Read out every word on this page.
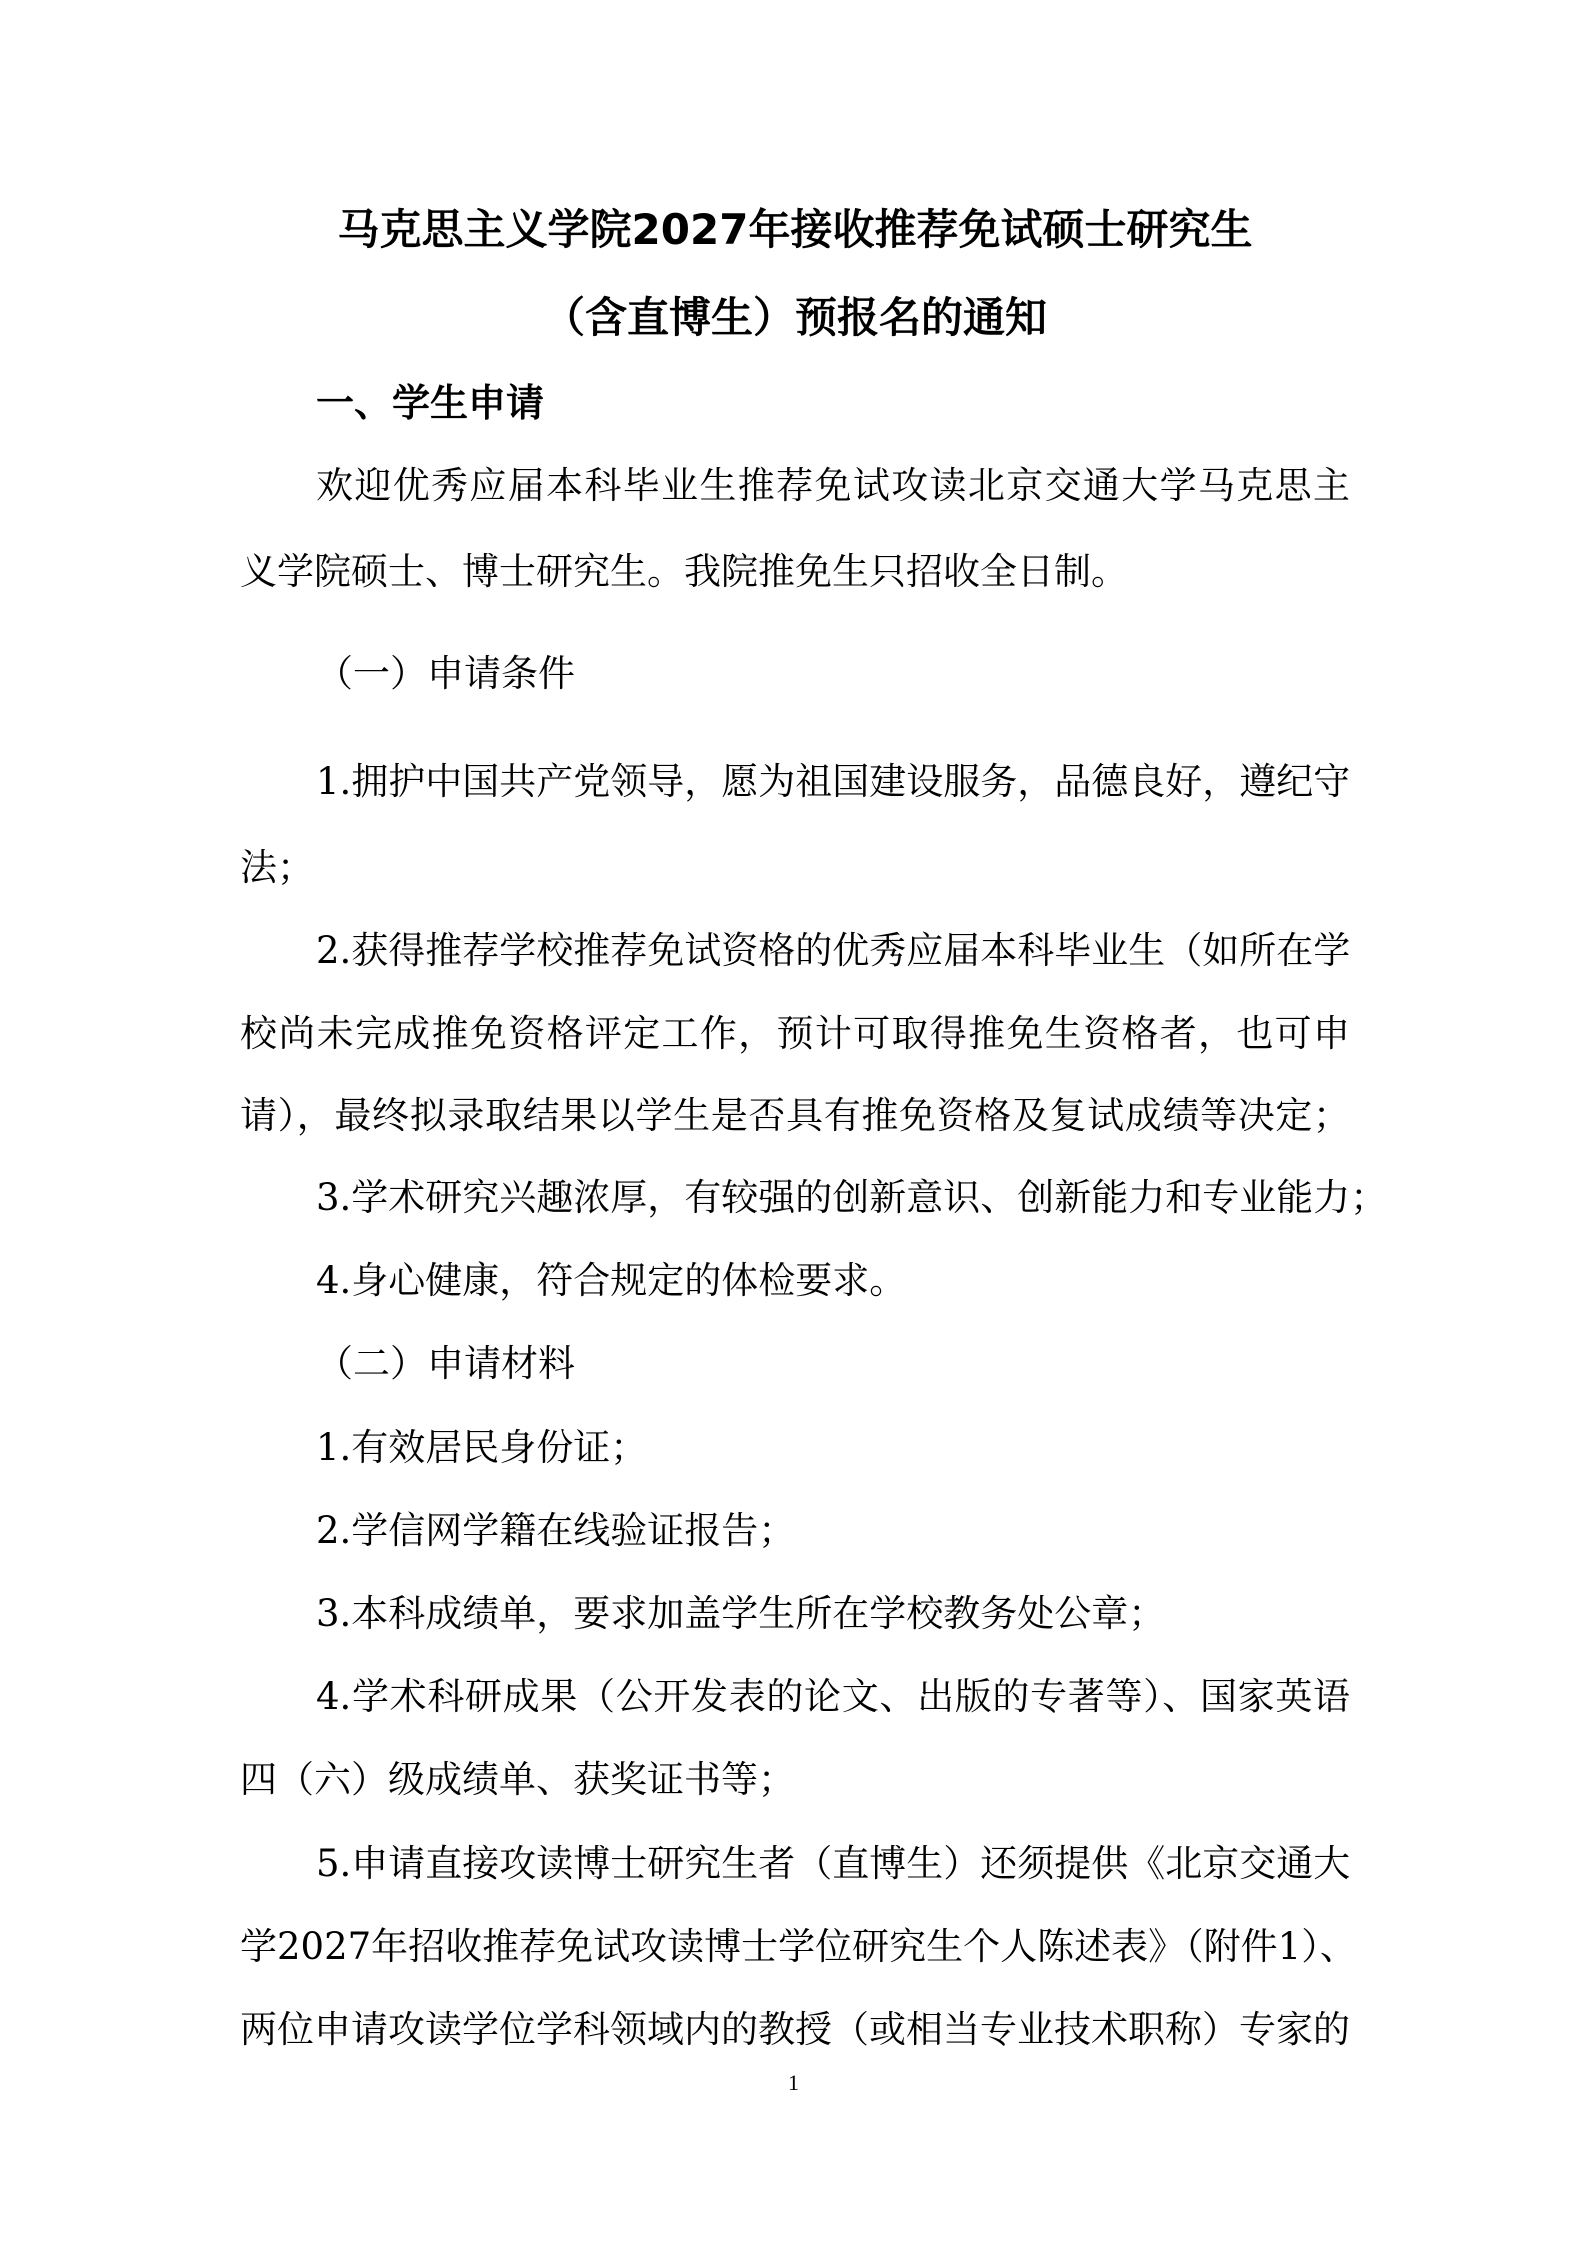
马克思主义学院2027年接收推荐免试硕士研究生
（含直博生）预报名的通知
一、学生申请
欢迎优秀应届本科毕业生推荐免试攻读北京交通大学马克思主
义学院硕士、博士研究生。我院推免生只招收全日制。
（一）申请条件
1.拥护中国共产党领导，愿为祖国建设服务，品德良好，遵纪守
法；
2.获得推荐学校推荐免试资格的优秀应届本科毕业生（如所在学
校尚未完成推免资格评定工作，预计可取得推免生资格者，也可申
请），最终拟录取结果以学生是否具有推免资格及复试成绩等决定；
3.学术研究兴趣浓厚，有较强的创新意识、创新能力和专业能力；
4.身心健康，符合规定的体检要求。
（二）申请材料
1.有效居民身份证；
2.学信网学籍在线验证报告；
3.本科成绩单，要求加盖学生所在学校教务处公章；
4.学术科研成果（公开发表的论文、出版的专著等）、国家英语
四（六）级成绩单、获奖证书等；
5.申请直接攻读博士研究生者（直博生）还须提供《北京交通大
学2027年招收推荐免试攻读博士学位研究生个人陈述表》（附件1）、
两位申请攻读学位学科领域内的教授（或相当专业技术职称）专家的
1
